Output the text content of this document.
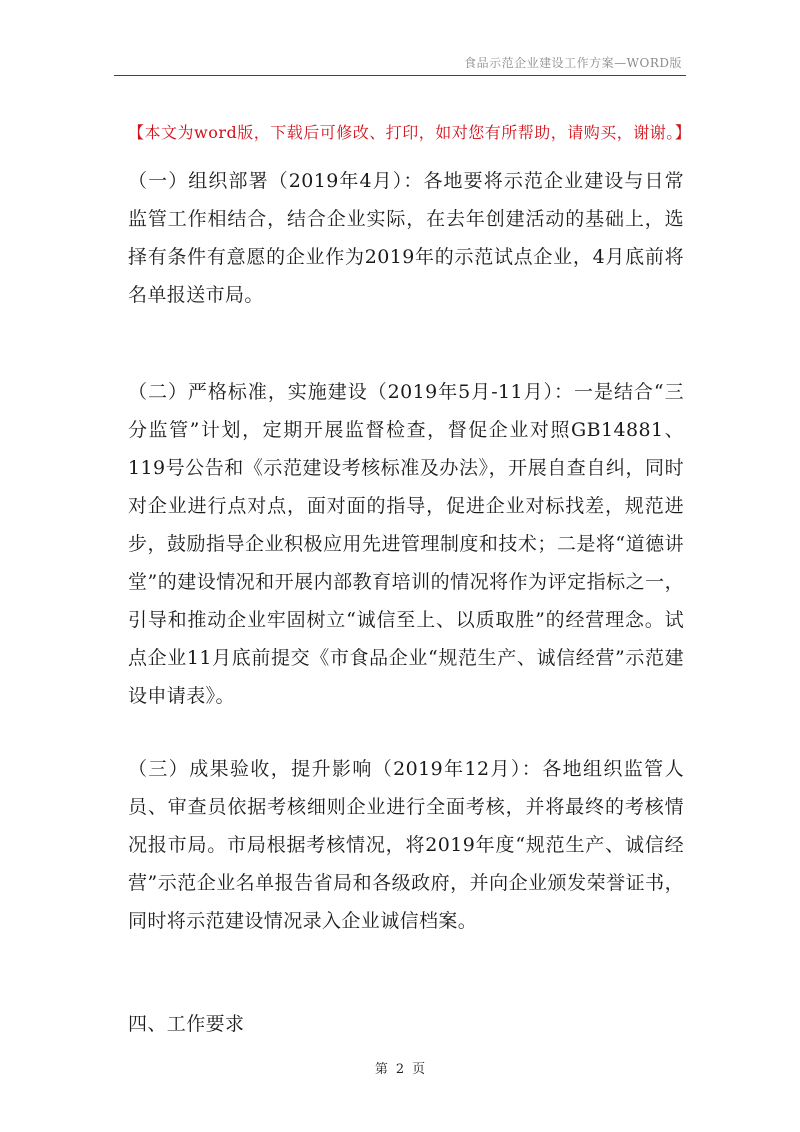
食品示范企业建设工作方案—WORD版
【本文为word版，下载后可修改、打印，如对您有所帮助，请购买，谢谢。】

（一）组织部署（2019年4月）：各地要将示范企业建设与日常监管工作相结合，结合企业实际，在去年创建活动的基础上，选择有条件有意愿的企业作为2019年的示范试点企业，4月底前将名单报送市局。

（二）严格标准，实施建设（2019年5月-11月）：一是结合“三分监管”计划，定期开展监督检查，督促企业对照GB14881、119号公告和《示范建设考核标准及办法》，开展自查自纠，同时对企业进行点对点，面对面的指导，促进企业对标找差，规范进步，鼓励指导企业积极应用先进管理制度和技术；二是将“道德讲堂”的建设情况和开展内部教育培训的情况将作为评定指标之一，引导和推动企业牢固树立“诚信至上、以质取胜”的经营理念。试点企业11月底前提交《市食品企业“规范生产、诚信经营”示范建设申请表》。

（三）成果验收，提升影响（2019年12月）：各地组织监管人员、审查员依据考核细则企业进行全面考核，并将最终的考核情况报市局。市局根据考核情况，将2019年度“规范生产、诚信经营”示范企业名单报告省局和各级政府，并向企业颁发荣誉证书，同时将示范建设情况录入企业诚信档案。

四、工作要求
第 2 页
